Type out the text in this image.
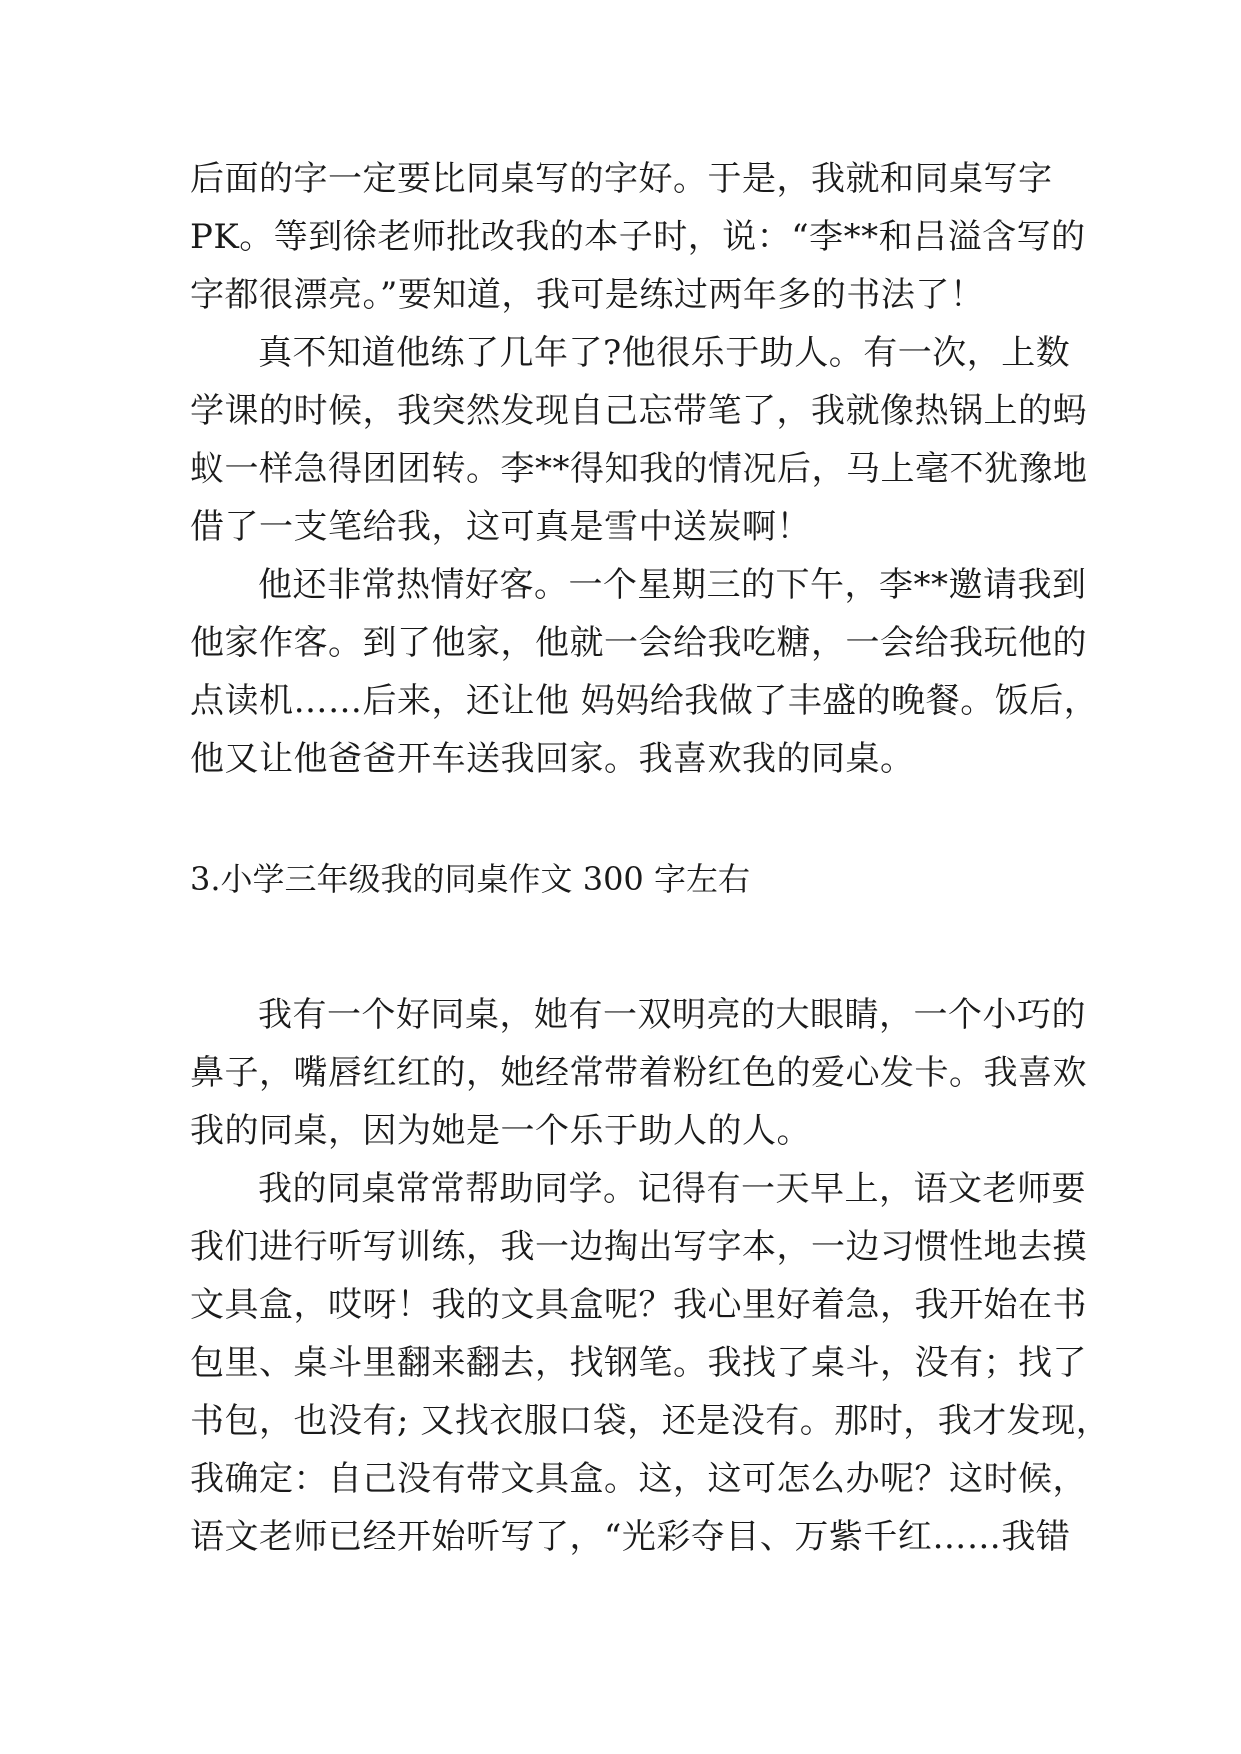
后面的字一定要比同桌写的字好。于是，我就和同桌写字
PK。等到徐老师批改我的本子时，说：“李**和吕溢含写的
字都很漂亮。”要知道，我可是练过两年多的书法了！
真不知道他练了几年了?他很乐于助人。有一次，上数
学课的时候，我突然发现自己忘带笔了，我就像热锅上的蚂
蚁一样急得团团转。李**得知我的情况后，马上毫不犹豫地
借了一支笔给我，这可真是雪中送炭啊！
他还非常热情好客。一个星期三的下午，李**邀请我到
他家作客。到了他家，他就一会给我吃糖，一会给我玩他的
点读机……后来，还让他 妈妈给我做了丰盛的晚餐。饭后，
他又让他爸爸开车送我回家。我喜欢我的同桌。
3.小学三年级我的同桌作文 300 字左右
我有一个好同桌，她有一双明亮的大眼睛，一个小巧的
鼻子，嘴唇红红的，她经常带着粉红色的爱心发卡。我喜欢
我的同桌，因为她是一个乐于助人的人。
我的同桌常常帮助同学。记得有一天早上，语文老师要
我们进行听写训练，我一边掏出写字本，一边习惯性地去摸
文具盒，哎呀！我的文具盒呢？我心里好着急，我开始在书
包里、桌斗里翻来翻去，找钢笔。我找了桌斗，没有；找了
书包，也没有; 又找衣服口袋，还是没有。那时，我才发现，
我确定：自己没有带文具盒。这，这可怎么办呢？这时候，
语文老师已经开始听写了，“光彩夺目、万紫千红……我错
